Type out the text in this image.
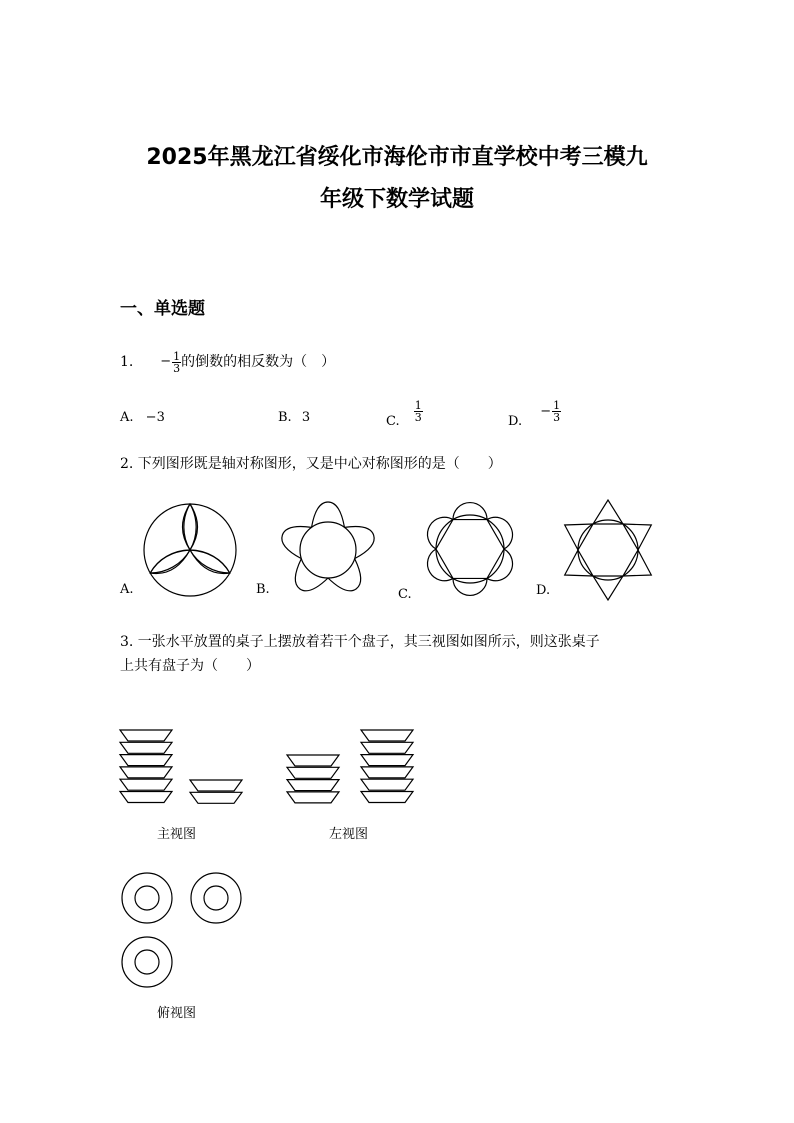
2025年黑龙江省绥化市海伦市市直学校中考三模九
年级下数学试题
一、单选题
1. − $\frac{1}{3}$ 的倒数的相反数为（　）
A. −3	B. 3	C. $\frac{1}{3}$	D. − $\frac{1}{3}$
2. 下列图形既是轴对称图形，又是中心对称图形的是（　　）
A.	B.	C.	D.
3. 一张水平放置的桌子上摆放着若干个盘子，其三视图如图所示，则这张桌子
上共有盘子为（　　）
主视图	左视图
俯视图
